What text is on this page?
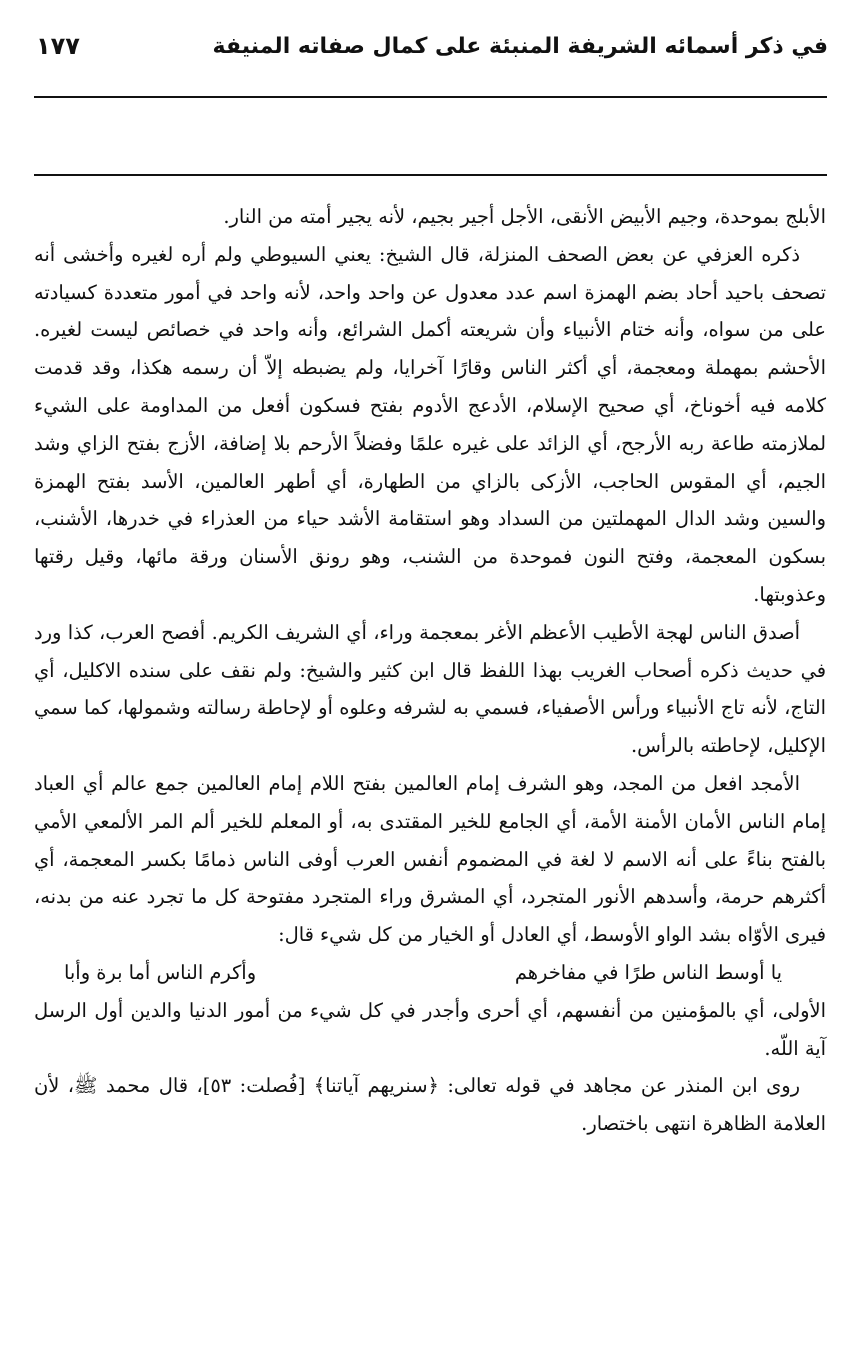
في ذكر أسمائه الشريفة المنبئة على كمال صفاته المنيفة
١٧٧

الأبلج بموحدة، وجيم الأبيض الأنقى، الأجل أجير بجيم، لأنه يجير أمته من النار.

ذكره العزفي عن بعض الصحف المنزلة، قال الشيخ: يعني السيوطي ولم أره لغيره وأخشى أنه تصحف باحيد أحاد بضم الهمزة اسم عدد معدول عن واحد واحد، لأنه واحد في أمور متعددة كسيادته على من سواه، وأنه ختام الأنبياء وأن شريعته أكمل الشرائع، وأنه واحد في خصائص ليست لغيره. الأحشم بمهملة ومعجمة، أي أكثر الناس وقارًا آخرايا، ولم يضبطه إلاّ أن رسمه هكذا، وقد قدمت كلامه فيه أخوناخ، أي صحيح الإسلام، الأدعج الأدوم بفتح فسكون أفعل من المداومة على الشيء لملازمته طاعة ربه الأرجح، أي الزائد على غيره علمًا وفضلاً الأرحم بلا إضافة، الأزج بفتح الزاي وشد الجيم، أي المقوس الحاجب، الأزكى بالزاي من الطهارة، أي أطهر العالمين، الأسد بفتح الهمزة والسين وشد الدال المهملتين من السداد وهو استقامة الأشد حياء من العذراء في خدرها، الأشنب، بسكون المعجمة، وفتح النون فموحدة من الشنب، وهو رونق الأسنان ورقة مائها، وقيل رقتها وعذوبتها.

أصدق الناس لهجة الأطيب الأعظم الأغر بمعجمة وراء، أي الشريف الكريم. أفصح العرب، كذا ورد في حديث ذكره أصحاب الغريب بهذا اللفظ قال ابن كثير والشيخ: ولم نقف على سنده الاكليل، أي التاج، لأنه تاج الأنبياء ورأس الأصفياء، فسمي به لشرفه وعلوه أو لإحاطة رسالته وشمولها، كما سمي الإكليل، لإحاطته بالرأس.

الأمجد افعل من المجد، وهو الشرف إمام العالمين بفتح اللام إمام العالمين جمع عالم أي العباد إمام الناس الأمان الأمنة الأمة، أي الجامع للخير المقتدى به، أو المعلم للخير ألم المر الألمعي الأمي بالفتح بناءً على أنه الاسم لا لغة في المضموم أنفس العرب أوفى الناس ذمامًا بكسر المعجمة، أي أكثرهم حرمة، وأسدهم الأنور المتجرد، أي المشرق وراء المتجرد مفتوحة كل ما تجرد عنه من بدنه، فيرى الأوّاه بشد الواو الأوسط، أي العادل أو الخيار من كل شيء قال:

يا أوسط الناس طرًا في مفاخرهم
وأكرم الناس أما برة وأبا

الأولى، أي بالمؤمنين من أنفسهم، أي أحرى وأجدر في كل شيء من أمور الدنيا والدين أول الرسل آية اللّه.

روى ابن المنذر عن مجاهد في قوله تعالى: ﴿سنريهم آياتنا﴾ [فُصلت: ٥٣]، قال محمد ﷺ، لأن العلامة الظاهرة انتهى باختصار.
